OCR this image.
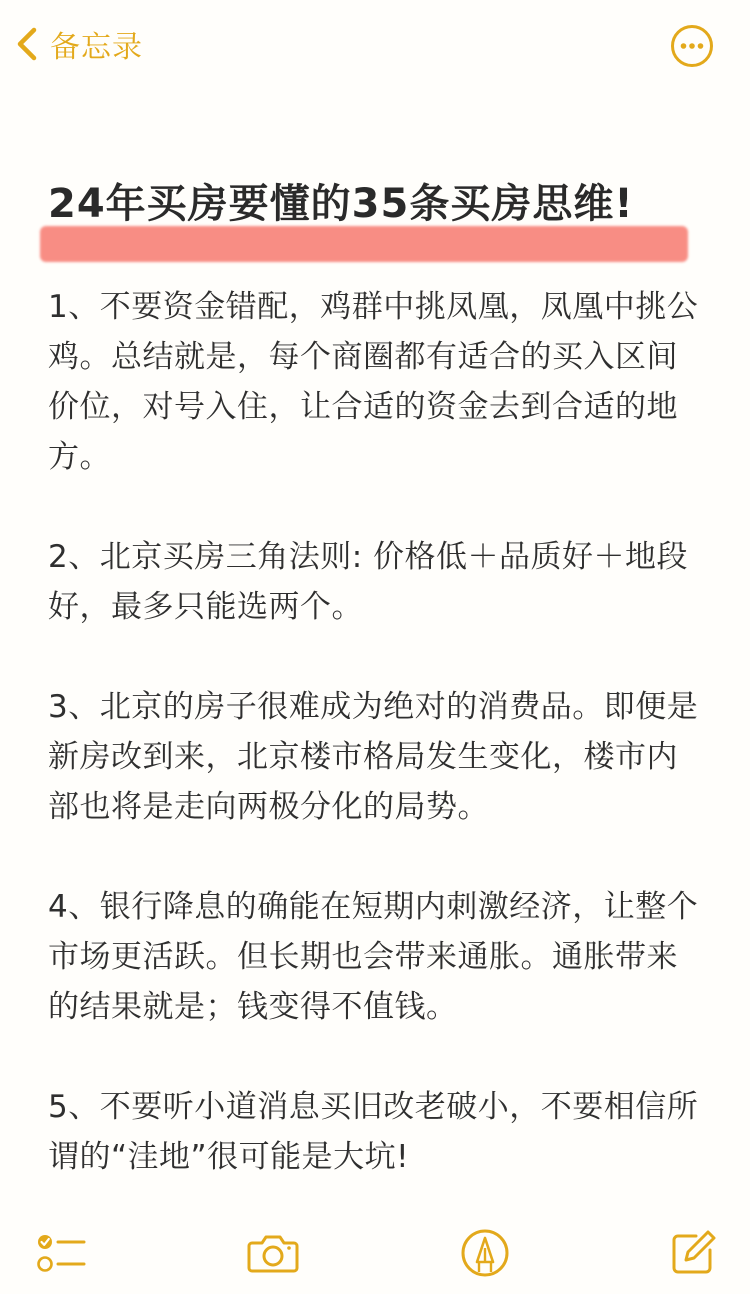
备忘录
24年买房要懂的35条买房思维!

1、不要资金错配，鸡群中挑凤凰，凤凰中挑公鸡。总结就是，每个商圈都有适合的买入区间价位，对号入住，让合适的资金去到合适的地方。

2、北京买房三角法则: 价格低＋品质好＋地段好，最多只能选两个。

3、北京的房子很难成为绝对的消费品。即便是新房改到来，北京楼市格局发生变化，楼市内部也将是走向两极分化的局势。

4、银行降息的确能在短期内刺激经济，让整个市场更活跃。但长期也会带来通胀。通胀带来的结果就是；钱变得不值钱。

5、不要听小道消息买旧改老破小，不要相信所谓的“洼地”很可能是大坑!
